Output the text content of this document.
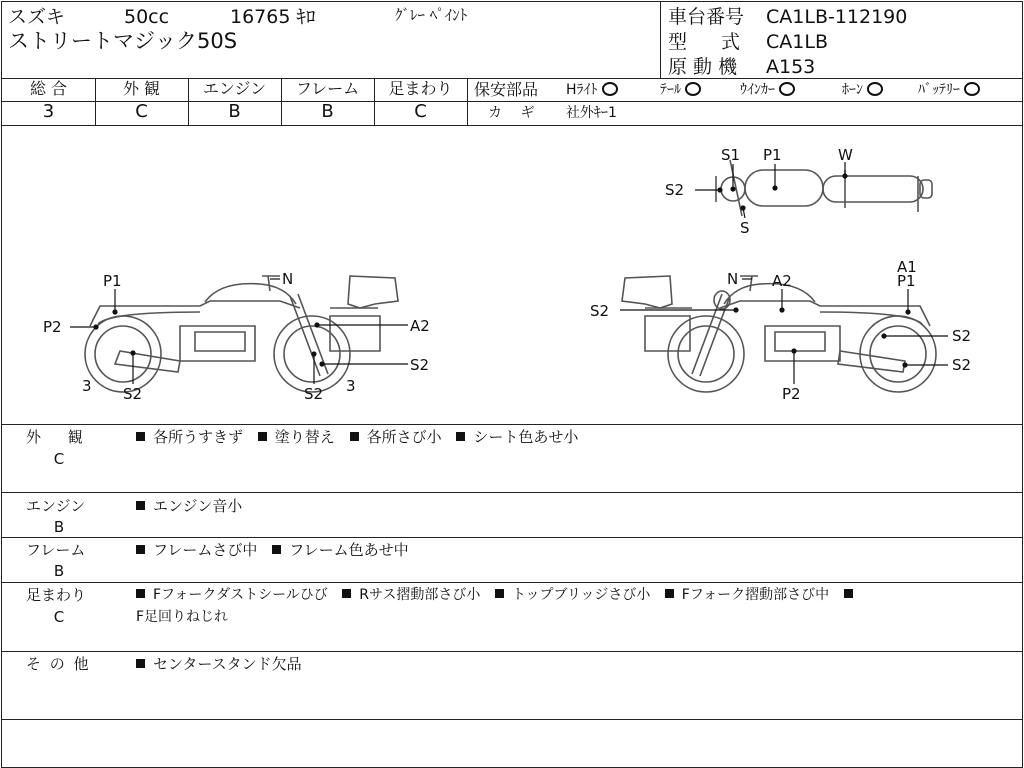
スズキ	50cc	16765 ｷﾛ	ｸﾞﾚｰ ﾍﾟｲﾝﾄ
ストリートマジック50S
車台番号 CA1LB-112190
型 式 CA1LB
原 動 機 A153
総 合	外 観	エンジン	フレーム	足まわり
3	C	B	B	C
保安部品 Hﾗｲﾄ	ﾃｰﾙ	ｳｲﾝｶｰ	ﾎｰﾝ	ﾊﾞｯﾃﾘｰ
カ ギ 社外ｷｰ1
S1 P1	W
S2
S
P1	N
P2	A2
S2
3 S2	S2 3
A1
N A2	P1
S2
S2
S2
P2
外 観
C
各所うすきず 塗り替え 各所さび小 シート色あせ小
エンジン
B
エンジン音小
フレーム
B
フレームさび中 フレーム色あせ中
足まわり
C
Fフォークダストシールひび Rサス摺動部さび小 トップブリッジさび小 Fフォーク摺動部さび中
F足回りねじれ
そ の 他	センタースタンド欠品
